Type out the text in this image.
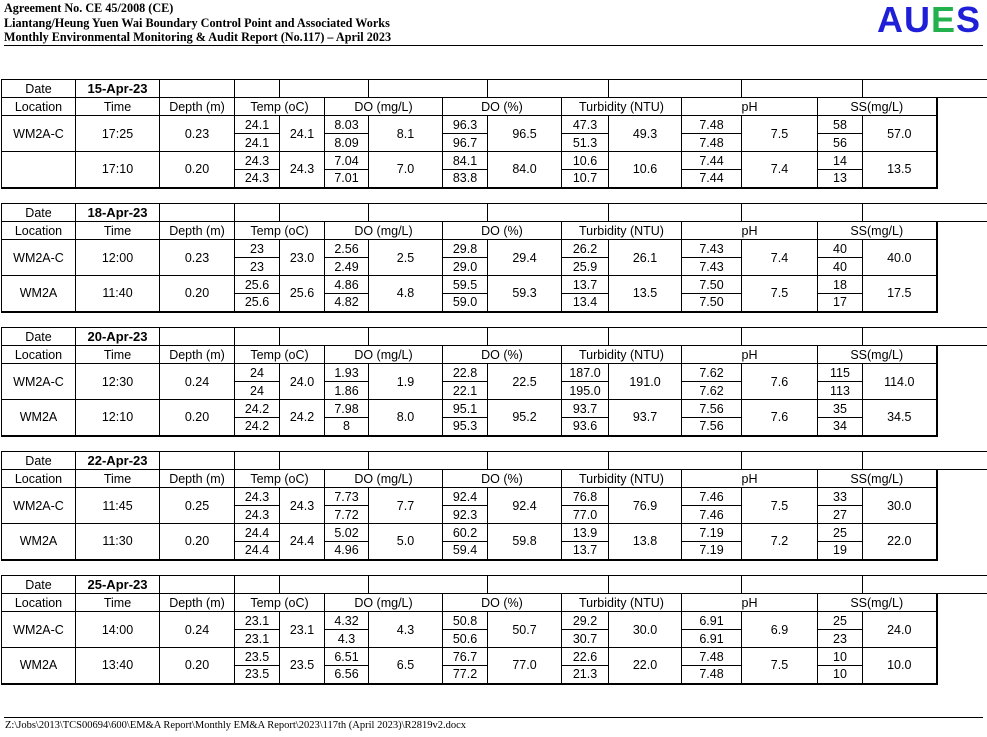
Agreement No. CE 45/2008 (CE)
Liantang/Heung Yuen Wai Boundary Control Point and Associated Works
Monthly Environmental Monitoring & Audit Report (No.117) – April 2023	AUES
Date	15-Apr-23															
Location	Time	Depth (m)	Temp (oC)		DO (mg/L)		DO (%)		Turbidity (NTU)		pH		SS(mg/L)			
WM2A-C	17:25	0.23	24.1	24.1	8.03	8.1	96.3	96.5	47.3	49.3	7.48	7.5	58	57.0		
			24.1		8.09		96.7		51.3		7.48		56			
	17:10	0.20	24.3	24.3	7.04	7.0	84.1	84.0	10.6	10.6	7.44	7.4	14	13.5		
			24.3		7.01		83.8		10.7		7.44		13			
Date	18-Apr-23															
Location	Time	Depth (m)	Temp (oC)		DO (mg/L)		DO (%)		Turbidity (NTU)		pH		SS(mg/L)			
WM2A-C	12:00	0.23	23	23.0	2.56	2.5	29.8	29.4	26.2	26.1	7.43	7.4	40	40.0		
			23		2.49		29.0		25.9		7.43		40			
WM2A	11:40	0.20	25.6	25.6	4.86	4.8	59.5	59.3	13.7	13.5	7.50	7.5	18	17.5		
			25.6		4.82		59.0		13.4		7.50		17			
Date	20-Apr-23															
Location	Time	Depth (m)	Temp (oC)		DO (mg/L)		DO (%)		Turbidity (NTU)		pH		SS(mg/L)			
WM2A-C	12:30	0.24	24	24.0	1.93	1.9	22.8	22.5	187.0	191.0	7.62	7.6	115	114.0		
			24		1.86		22.1		195.0		7.62		113			
WM2A	12:10	0.20	24.2	24.2	7.98	8.0	95.1	95.2	93.7	93.7	7.56	7.6	35	34.5		
			24.2		8		95.3		93.6		7.56		34			
Date	22-Apr-23															
Location	Time	Depth (m)	Temp (oC)		DO (mg/L)		DO (%)		Turbidity (NTU)		pH		SS(mg/L)			
WM2A-C	11:45	0.25	24.3	24.3	7.73	7.7	92.4	92.4	76.8	76.9	7.46	7.5	33	30.0		
			24.3		7.72		92.3		77.0		7.46		27			
WM2A	11:30	0.20	24.4	24.4	5.02	5.0	60.2	59.8	13.9	13.8	7.19	7.2	25	22.0		
			24.4		4.96		59.4		13.7		7.19		19			
Date	25-Apr-23															
Location	Time	Depth (m)	Temp (oC)		DO (mg/L)		DO (%)		Turbidity (NTU)		pH		SS(mg/L)			
WM2A-C	14:00	0.24	23.1	23.1	4.32	4.3	50.8	50.7	29.2	30.0	6.91	6.9	25	24.0		
			23.1		4.3		50.6		30.7		6.91		23			
WM2A	13:40	0.20	23.5	23.5	6.51	6.5	76.7	77.0	22.6	22.0	7.48	7.5	10	10.0		
			23.5		6.56		77.2		21.3		7.48		10			
Z:\Jobs\2013\TCS00694\600\EM&A Report\Monthly EM&A Report\2023\117th (April 2023)\R2819v2.docx
